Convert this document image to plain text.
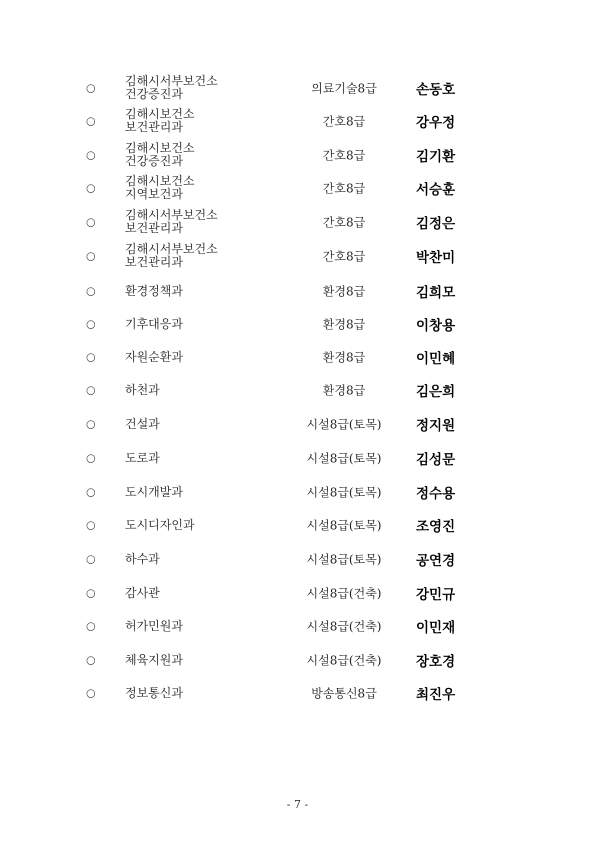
○
김해시서부보건소
건강증진과	의료기술8급	손동호
○
김해시보건소
보건관리과	간호8급	강우정
○
김해시보건소
건강증진과	간호8급	김기환
○
김해시보건소
지역보건과	간호8급	서승훈
○
김해시서부보건소
보건관리과	간호8급	김정은
○
김해시서부보건소
보건관리과	간호8급	박찬미
○ 환경정책과	환경8급	김희모
○ 기후대응과	환경8급	이창용
○ 자원순환과	환경8급	이민혜
○ 하천과	환경8급	김은희
○ 건설과	시설8급(토목)	정지원
○ 도로과	시설8급(토목)	김성문
○ 도시개발과	시설8급(토목)	정수용
○ 도시디자인과	시설8급(토목)	조영진
○ 하수과	시설8급(토목)	공연경
○ 감사관	시설8급(건축)	강민규
○ 허가민원과	시설8급(건축)	이민재
○ 체육지원과	시설8급(건축)	장호경
○ 정보통신과	방송통신8급	최진우
- 7 -
